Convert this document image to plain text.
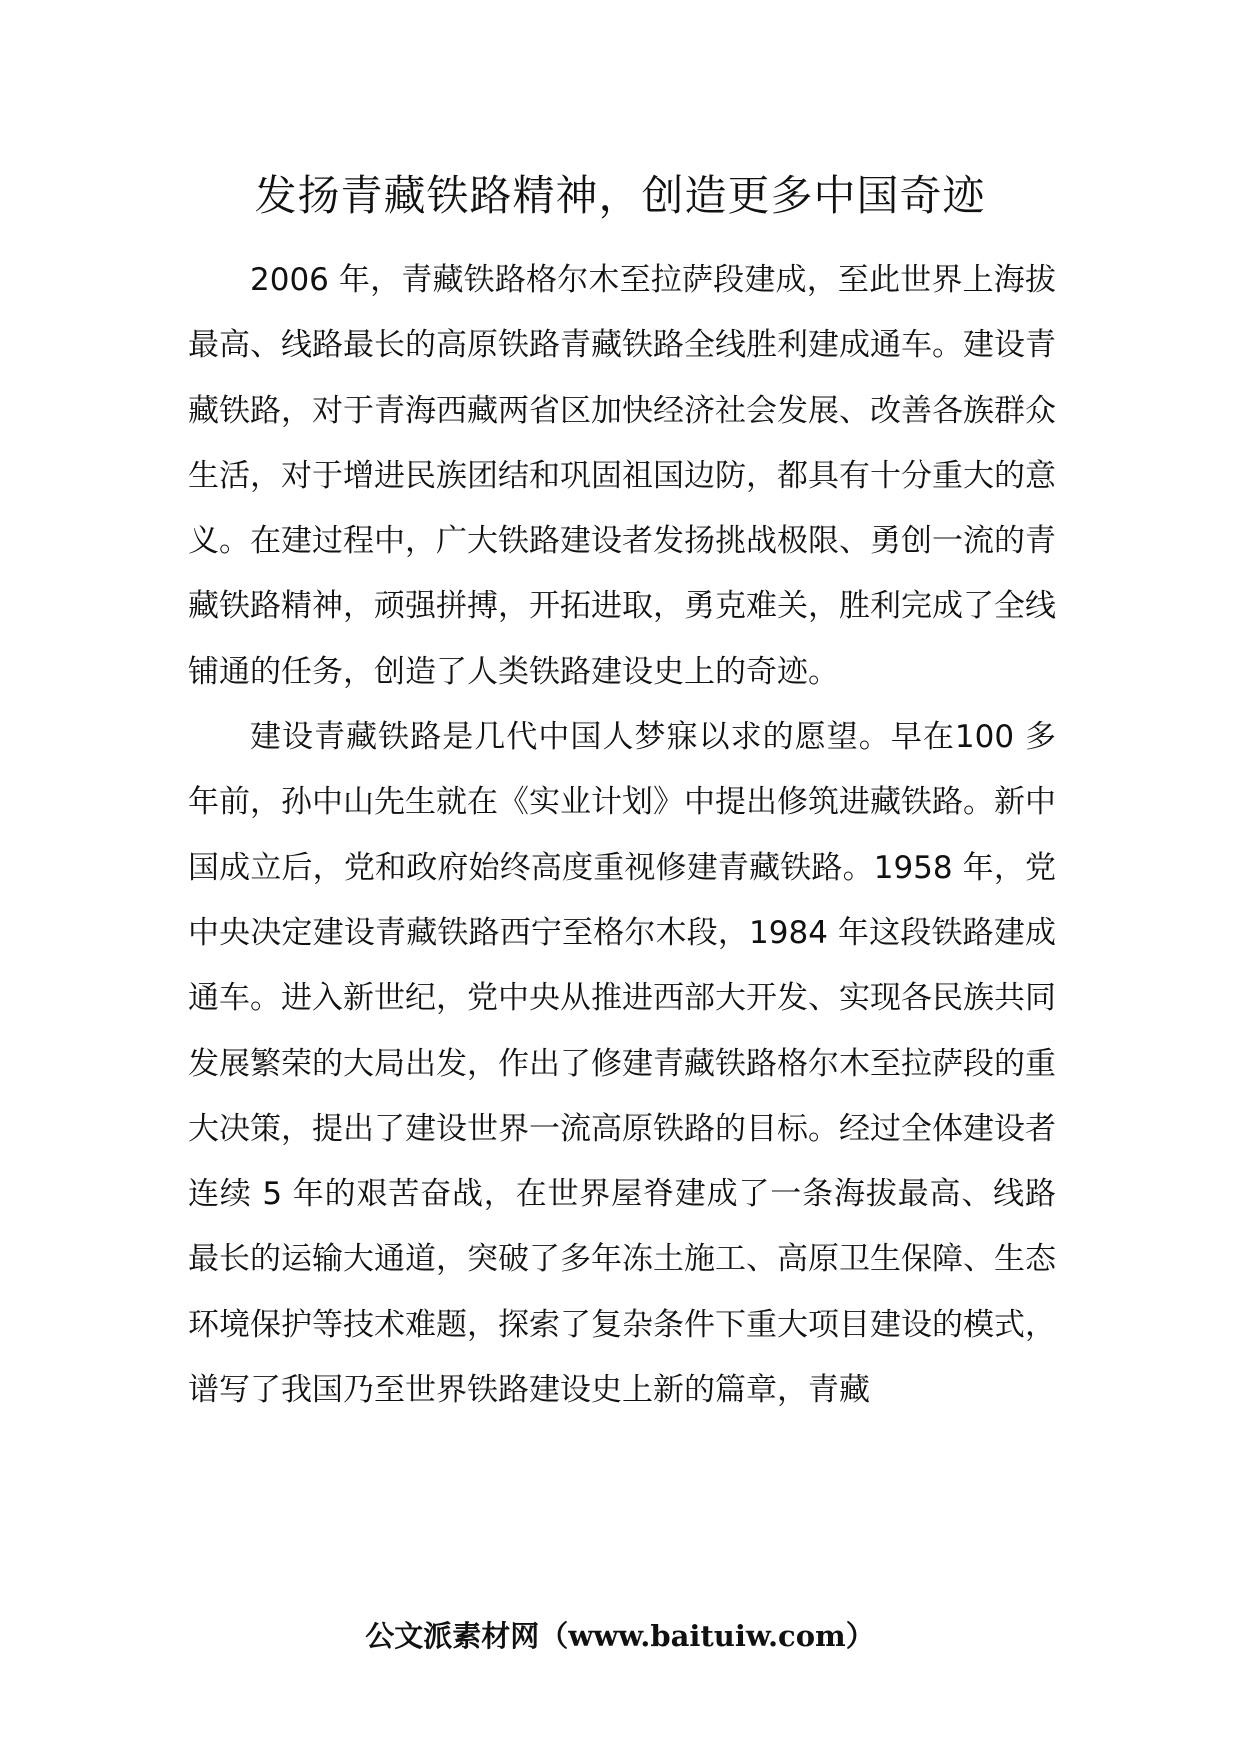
发扬青藏铁路精神，创造更多中国奇迹

2006 年，青藏铁路格尔木至拉萨段建成，至此世界上海拔最高、线路最长的高原铁路青藏铁路全线胜利建成通车。建设青藏铁路，对于青海西藏两省区加快经济社会发展、改善各族群众生活，对于增进民族团结和巩固祖国边防，都具有十分重大的意义。在建过程中，广大铁路建设者发扬挑战极限、勇创一流的青藏铁路精神，顽强拼搏，开拓进取，勇克难关，胜利完成了全线铺通的任务，创造了人类铁路建设史上的奇迹。

建设青藏铁路是几代中国人梦寐以求的愿望。早在100 多年前，孙中山先生就在《实业计划》中提出修筑进藏铁路。新中国成立后，党和政府始终高度重视修建青藏铁路。1958 年，党中央决定建设青藏铁路西宁至格尔木段，1984 年这段铁路建成通车。进入新世纪，党中央从推进西部大开发、实现各民族共同发展繁荣的大局出发，作出了修建青藏铁路格尔木至拉萨段的重大决策，提出了建设世界一流高原铁路的目标。经过全体建设者连续 5 年的艰苦奋战，在世界屋脊建成了一条海拔最高、线路最长的运输大通道，突破了多年冻土施工、高原卫生保障、生态环境保护等技术难题，探索了复杂条件下重大项目建设的模式，谱写了我国乃至世界铁路建设史上新的篇章，青藏

公文派素材网（www.baituiw.com）
